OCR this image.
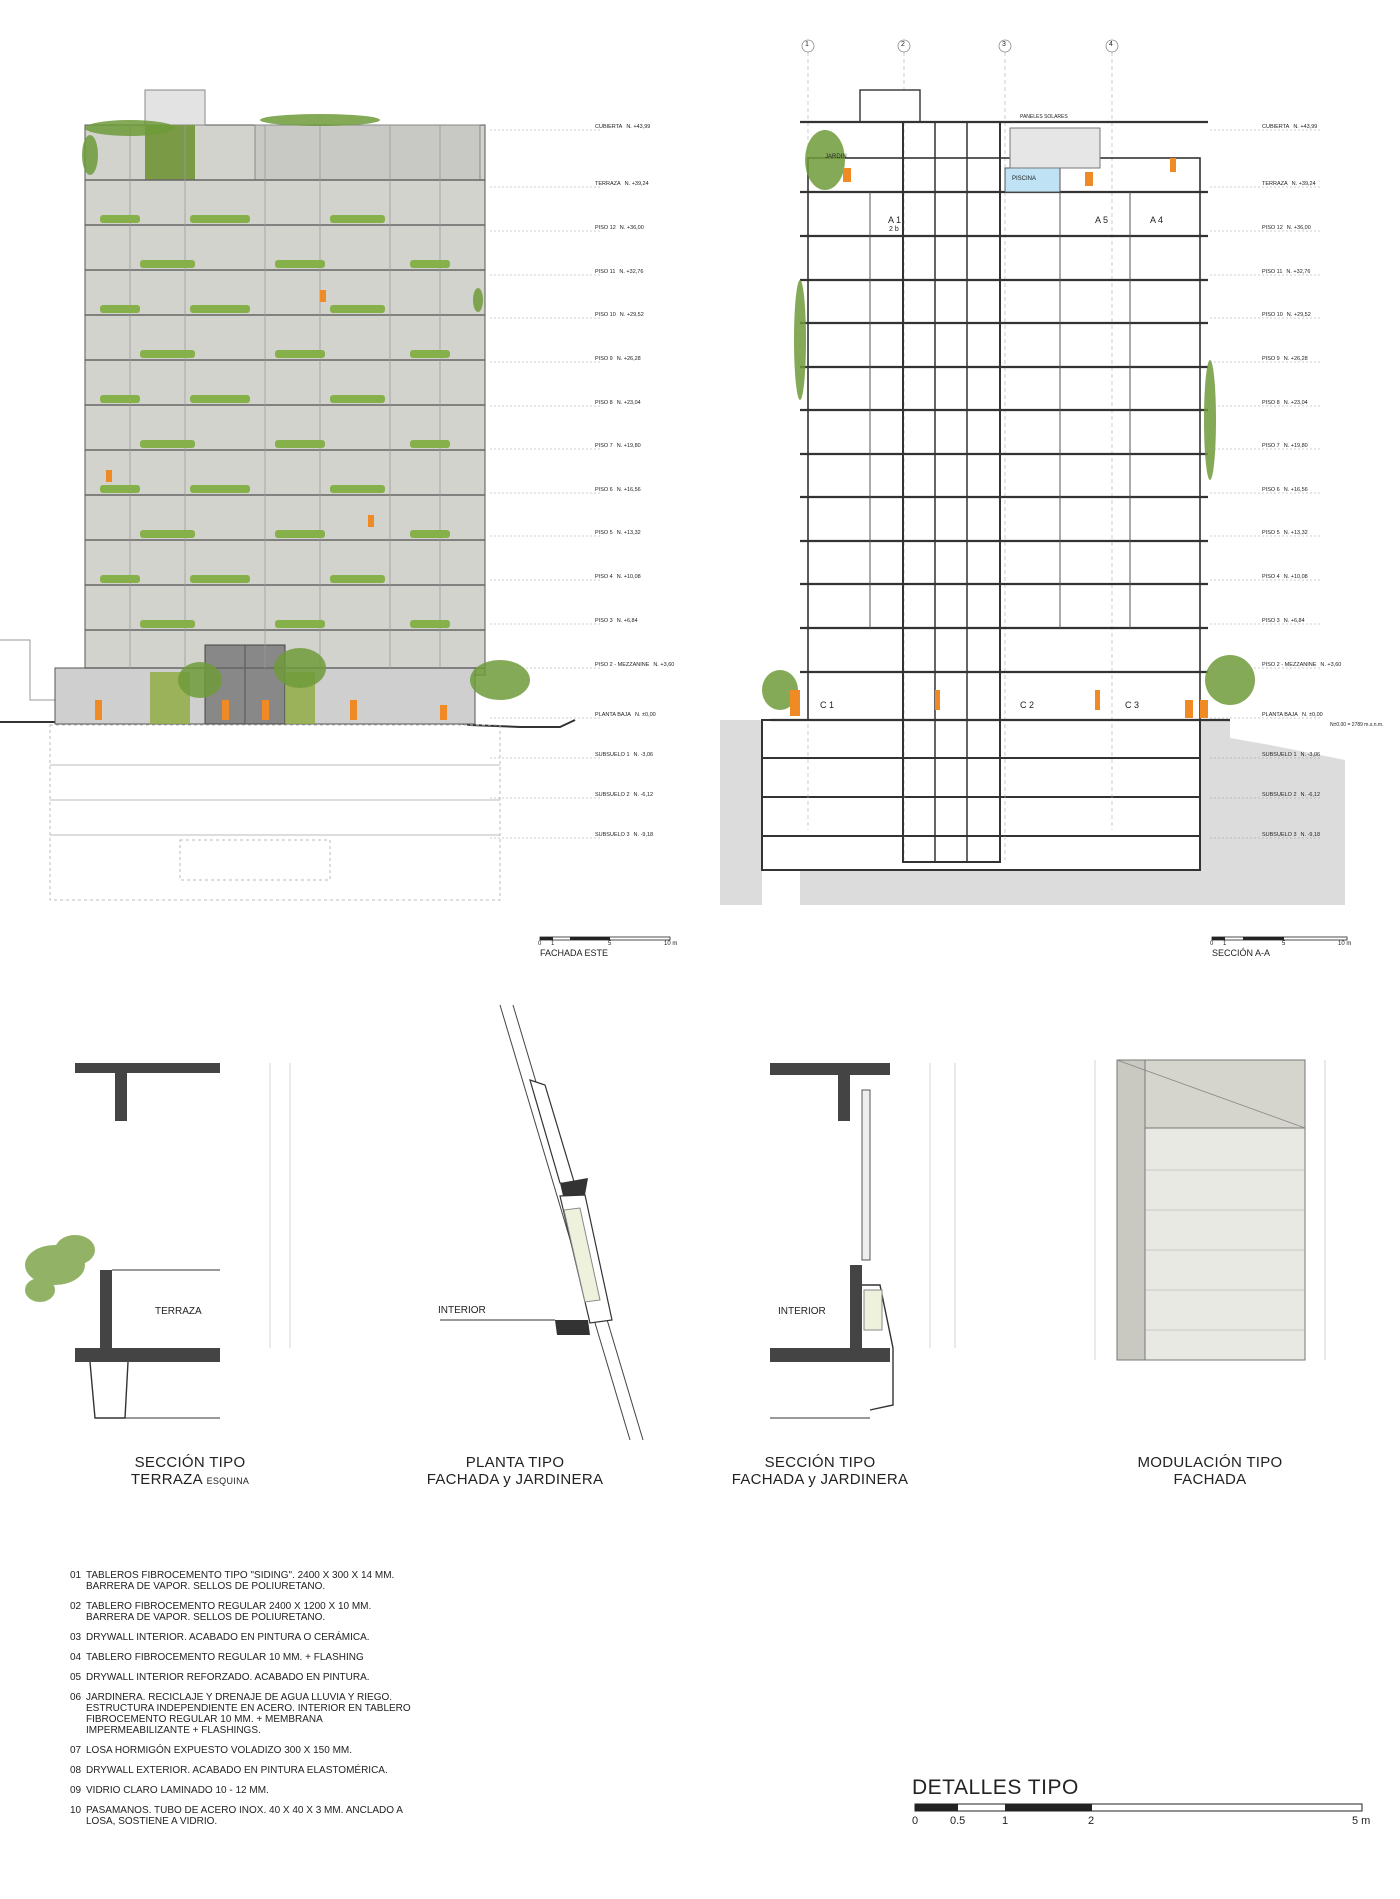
FACHADA ESTE	SECCIÓN A-A
0 1	5	10 m	0 1	5	10 m
1	2	3	4
JARDIN
PISCINA
PANELES SOLARES
A 1	A 5	A 4
2 b
C 1	C 2	C 3
N±0.00 = 2789 m.s.n.m.
CUBIERTA N. +43,99
TERRAZA N. +39,24
PISO 12 N. +36,00
PISO 11 N. +32,76
PISO 10 N. +29,52
PISO 9 N. +26,28
PISO 8 N. +23,04
PISO 7 N. +19,80
PISO 6 N. +16,56
PISO 5 N. +13,32
PISO 4 N. +10,08
PISO 3 N. +6,84
PISO 2 - MEZZANINE N. +3,60
PLANTA BAJA N. ±0,00
SUBSUELO 1 N. -3,06
SUBSUELO 2 N. -6,12
SUBSUELO 3 N. -9,18
CUBIERTA N. +43,99
TERRAZA N. +39,24
PISO 12 N. +36,00
PISO 11 N. +32,76
PISO 10 N. +29,52
PISO 9 N. +26,28
PISO 8 N. +23,04
PISO 7 N. +19,80
PISO 6 N. +16,56
PISO 5 N. +13,32
PISO 4 N. +10,08
PISO 3 N. +6,84
PISO 2 - MEZZANINE N. +3,60
PLANTA BAJA N. ±0,00
SUBSUELO 1 N. -3,06
SUBSUELO 2 N. -6,12
SUBSUELO 3 N. -9,18
SECCIÓN TIPO
TERRAZA ESQUINA
PLANTA TIPO
FACHADA y JARDINERA
SECCIÓN TIPO
FACHADA y JARDINERA
MODULACIÓN TIPO
FACHADA
TERRAZA	INTERIOR	INTERIOR
01 TABLEROS FIBROCEMENTO TIPO "SIDING". 2400 X 300 X 14 MM.
BARRERA DE VAPOR. SELLOS DE POLIURETANO.
02 TABLERO FIBROCEMENTO REGULAR 2400 X 1200 X 10 MM.
BARRERA DE VAPOR. SELLOS DE POLIURETANO.
03 DRYWALL INTERIOR. ACABADO EN PINTURA O CERÁMICA.
04 TABLERO FIBROCEMENTO REGULAR 10 MM. + FLASHING
05 DRYWALL INTERIOR REFORZADO. ACABADO EN PINTURA.
06 JARDINERA. RECICLAJE Y DRENAJE DE AGUA LLUVIA Y RIEGO.
ESTRUCTURA INDEPENDIENTE EN ACERO. INTERIOR EN TABLERO
FIBROCEMENTO REGULAR 10 MM. + MEMBRANA
IMPERMEABILIZANTE + FLASHINGS.
07 LOSA HORMIGÓN EXPUESTO VOLADIZO 300 X 150 MM.
08 DRYWALL EXTERIOR. ACABADO EN PINTURA ELASTOMÉRICA.
09 VIDRIO CLARO LAMINADO 10 - 12 MM.
10 PASAMANOS. TUBO DE ACERO INOX. 40 X 40 X 3 MM. ANCLADO A
LOSA, SOSTIENE A VIDRIO.
DETALLES TIPO
0	0.5	1	2	5 m
